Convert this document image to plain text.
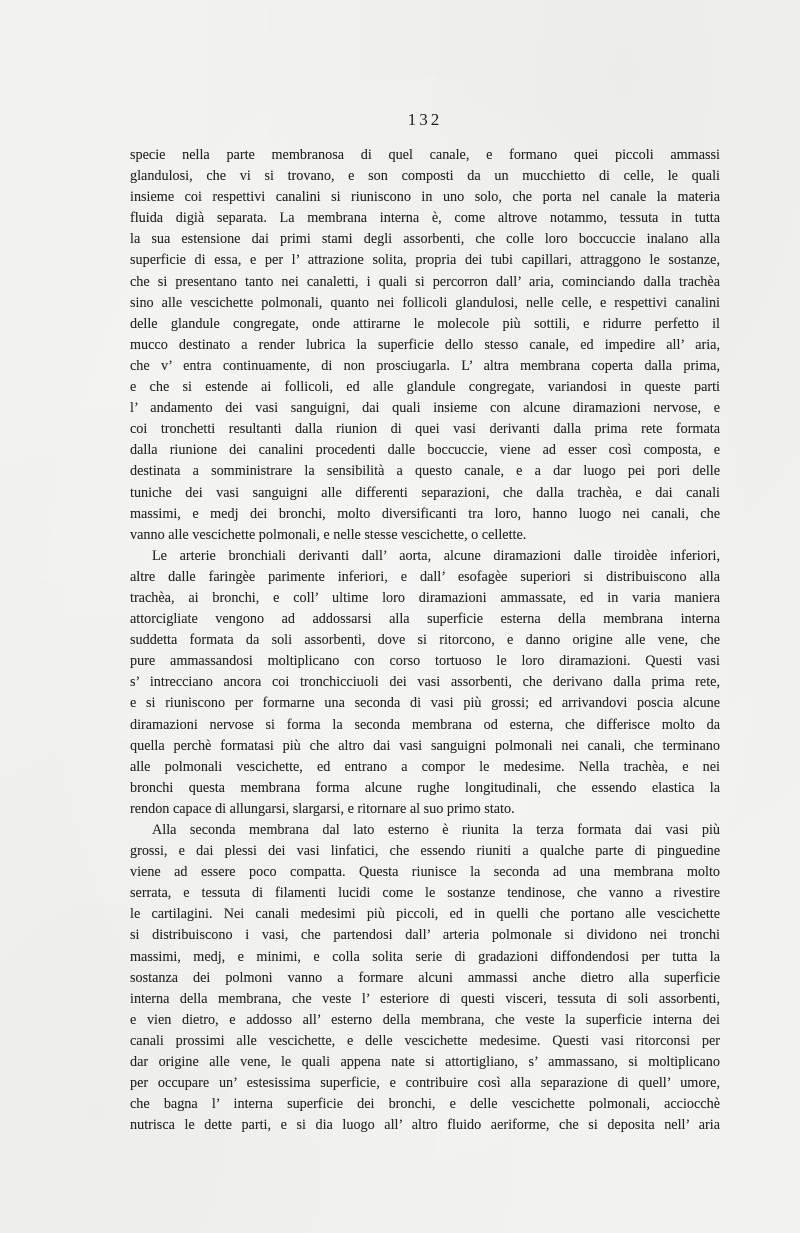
132
specie nella parte membranosa di quel canale, e formano quei piccoli ammassi
glandulosi, che vi si trovano, e son composti da un mucchietto di celle, le quali
insieme coi respettivi canalini si riuniscono in uno solo, che porta nel canale la materia
fluida digià separata. La membrana interna è, come altrove notammo, tessuta in tutta
la sua estensione dai primi stami degli assorbenti, che colle loro boccuccie inalano alla
superficie di essa, e per l’ attrazione solita, propria dei tubi capillari, attraggono le sostanze,
che si presentano tanto nei canaletti, i quali si percorron dall’ aria, cominciando dalla trachèa
sino alle vescichette polmonali, quanto nei follicoli glandulosi, nelle celle, e respettivi canalini
delle glandule congregate, onde attirarne le molecole più sottili, e ridurre perfetto il
mucco destinato a render lubrica la superficie dello stesso canale, ed impedire all’ aria,
che v’ entra continuamente, di non prosciugarla. L’ altra membrana coperta dalla prima,
e che si estende ai follicoli, ed alle glandule congregate, variandosi in queste parti
l’ andamento dei vasi sanguigni, dai quali insieme con alcune diramazioni nervose, e
coi tronchetti resultanti dalla riunion di quei vasi derivanti dalla prima rete formata
dalla riunione dei canalini procedenti dalle boccuccie, viene ad esser così composta, e
destinata a somministrare la sensibilità a questo canale, e a dar luogo pei pori delle
tuniche dei vasi sanguigni alle differenti separazioni, che dalla trachèa, e dai canali
massimi, e medj dei bronchi, molto diversificanti tra loro, hanno luogo nei canali, che
vanno alle vescichette polmonali, e nelle stesse vescichette, o cellette.
Le arterie bronchiali derivanti dall’ aorta, alcune diramazioni dalle tiroidèe inferiori,
altre dalle faringèe parimente inferiori, e dall’ esofagèe superiori si distribuiscono alla
trachèa, ai bronchi, e coll’ ultime loro diramazioni ammassate, ed in varia maniera
attorcigliate vengono ad addossarsi alla superficie esterna della membrana interna
suddetta formata da soli assorbenti, dove si ritorcono, e danno origine alle vene, che
pure ammassandosi moltiplicano con corso tortuoso le loro diramazioni. Questi vasi
s’ intrecciano ancora coi tronchicciuoli dei vasi assorbenti, che derivano dalla prima rete,
e si riuniscono per formarne una seconda di vasi più grossi; ed arrivandovi poscia alcune
diramazioni nervose si forma la seconda membrana od esterna, che differisce molto da
quella perchè formatasi più che altro dai vasi sanguigni polmonali nei canali, che terminano
alle polmonali vescichette, ed entrano a compor le medesime. Nella trachèa, e nei
bronchi questa membrana forma alcune rughe longitudinali, che essendo elastica la
rendon capace di allungarsi, slargarsi, e ritornare al suo primo stato.
Alla seconda membrana dal lato esterno è riunita la terza formata dai vasi più
grossi, e dai plessi dei vasi linfatici, che essendo riuniti a qualche parte di pinguedine
viene ad essere poco compatta. Questa riunisce la seconda ad una membrana molto
serrata, e tessuta di filamenti lucidi come le sostanze tendinose, che vanno a rivestire
le cartilagini. Nei canali medesimi più piccoli, ed in quelli che portano alle vescichette
si distribuiscono i vasi, che partendosi dall’ arteria polmonale si dividono nei tronchi
massimi, medj, e minimi, e colla solita serie di gradazioni diffondendosi per tutta la
sostanza dei polmoni vanno a formare alcuni ammassi anche dietro alla superficie
interna della membrana, che veste l’ esteriore di questi visceri, tessuta di soli assorbenti,
e vien dietro, e addosso all’ esterno della membrana, che veste la superficie interna dei
canali prossimi alle vescichette, e delle vescichette medesime. Questi vasi ritorconsi per
dar origine alle vene, le quali appena nate si attortigliano, s’ ammassano, si moltiplicano
per occupare un’ estesissima superficie, e contribuire così alla separazione di quell’ umore,
che bagna l’ interna superficie dei bronchi, e delle vescichette polmonali, acciocchè
nutrisca le dette parti, e si dia luogo all’ altro fluido aeriforme, che si deposita nell’ aria
